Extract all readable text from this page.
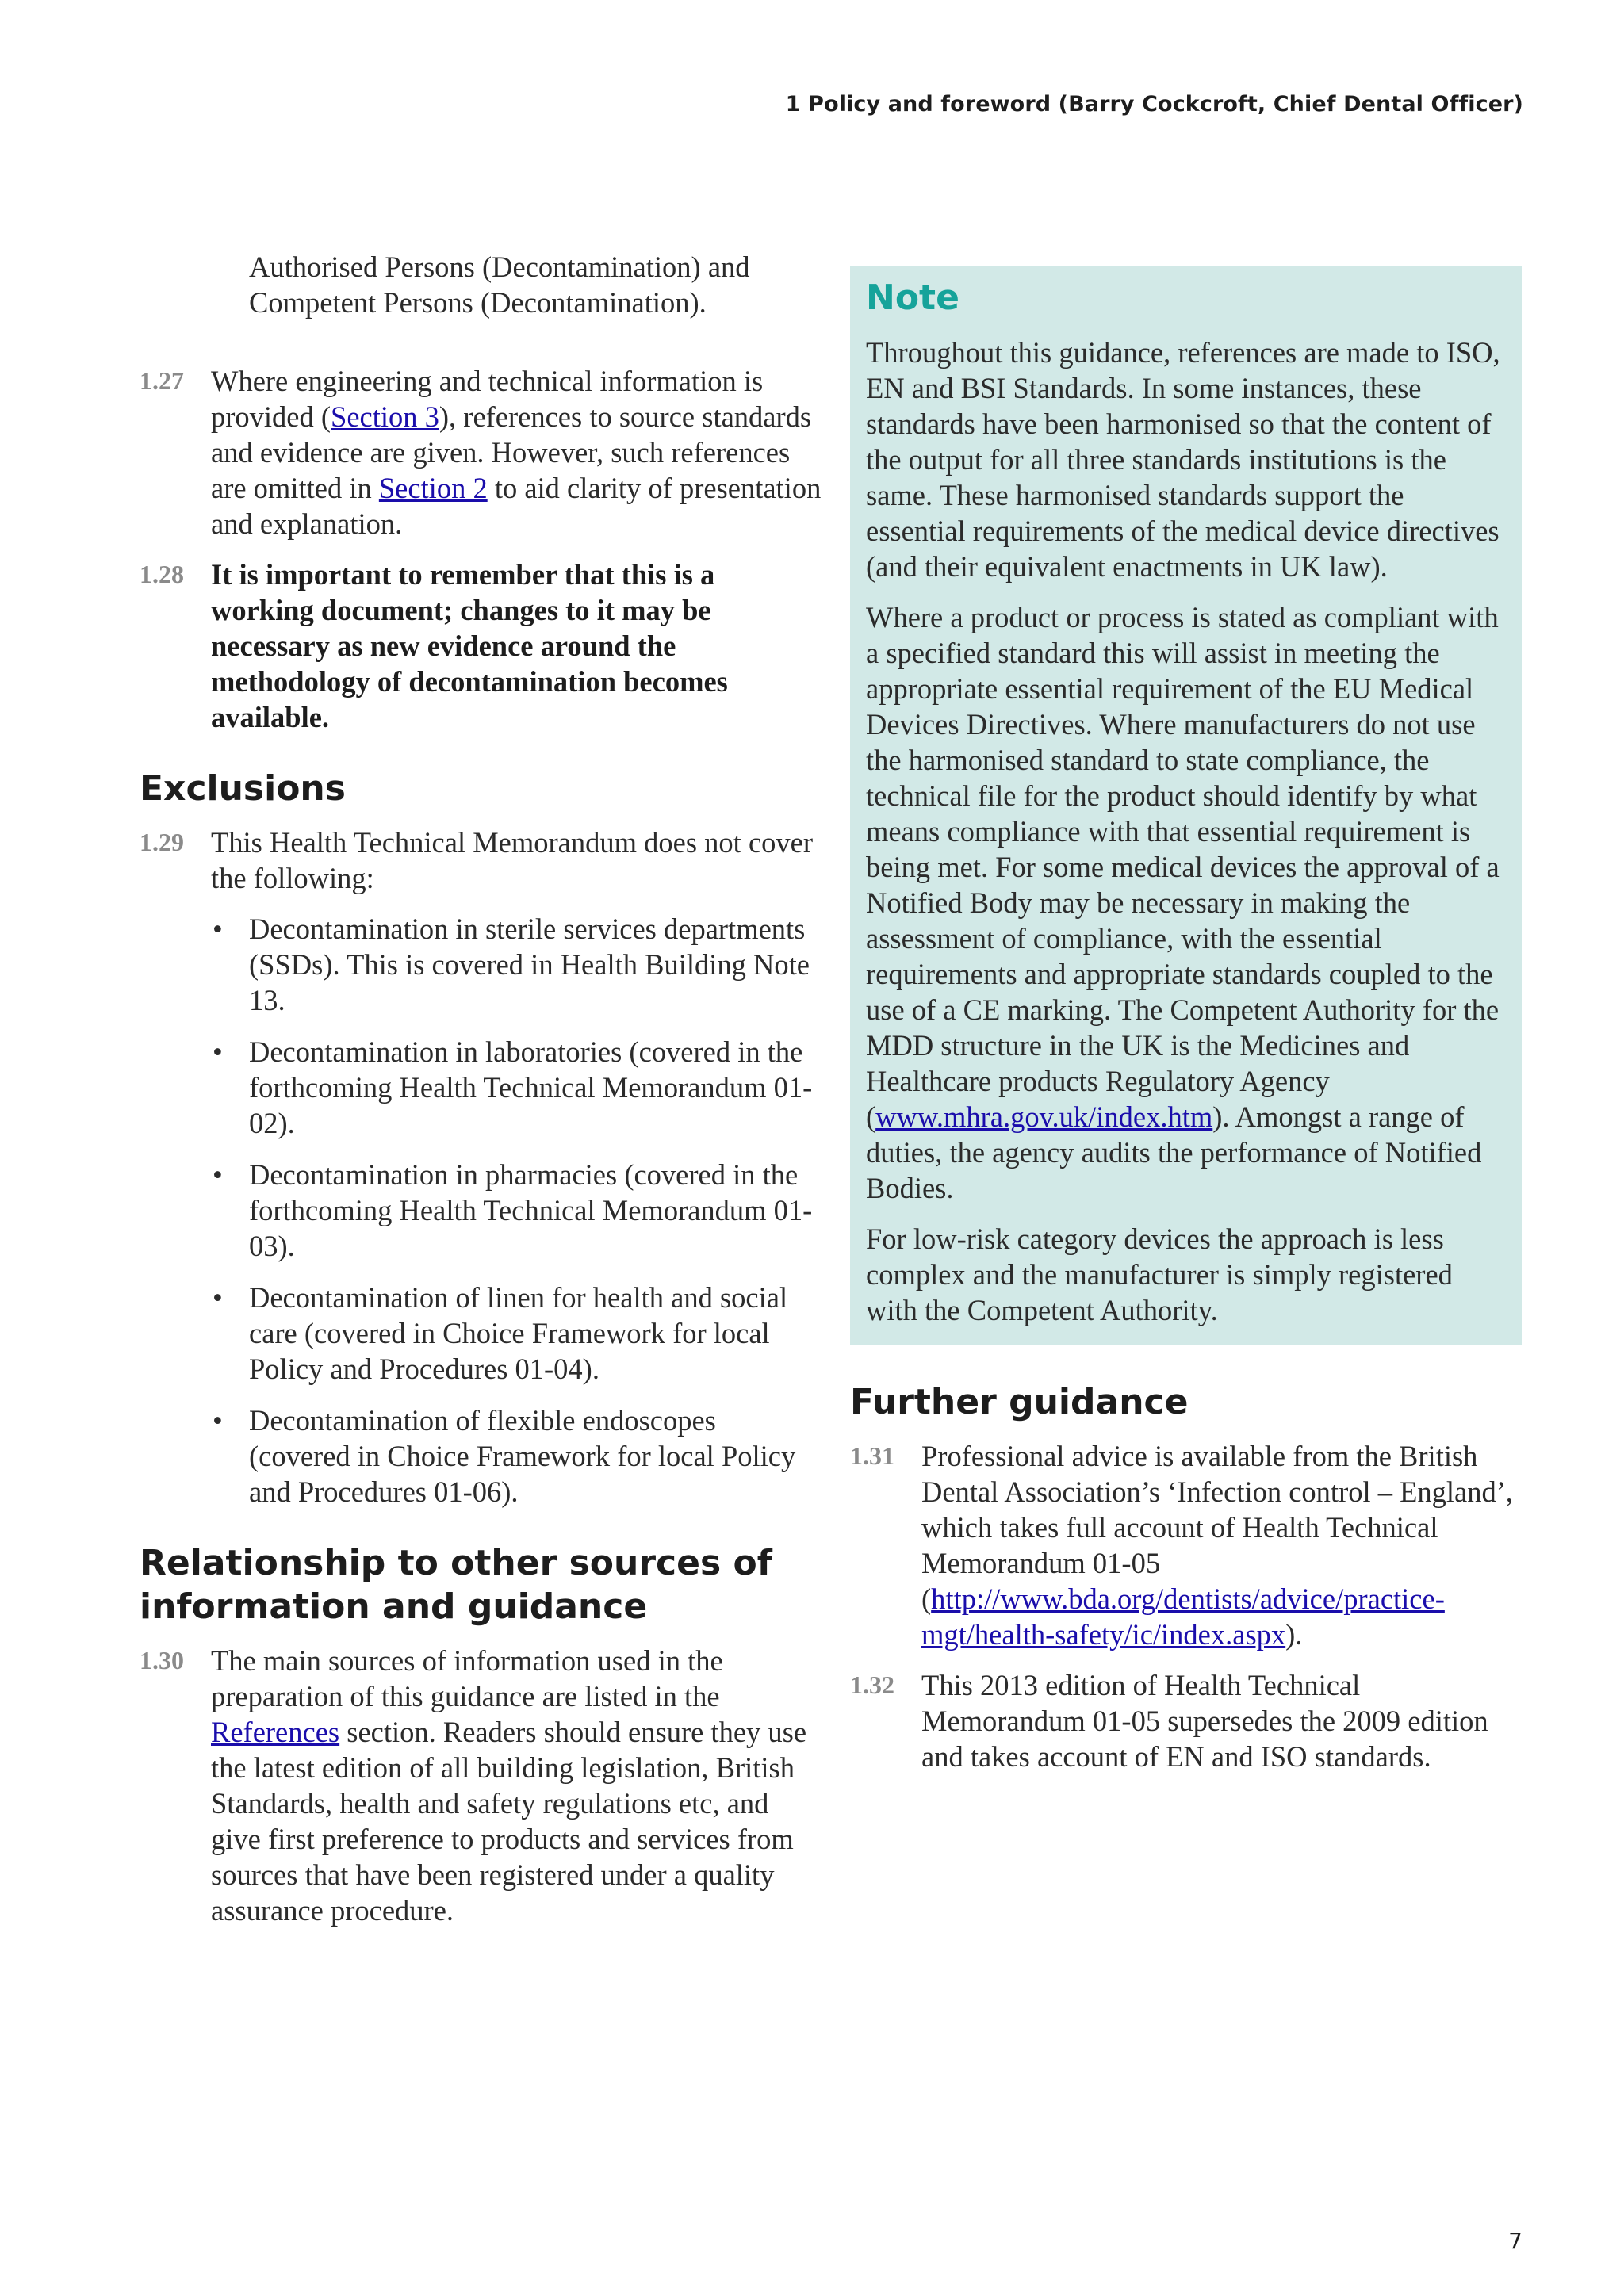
1 Policy and foreword (Barry Cockcroft, Chief Dental Officer)

Authorised Persons (Decontamination) and Competent Persons (Decontamination).

1.27 Where engineering and technical information is provided (Section 3), references to source standards and evidence are given. However, such references are omitted in Section 2 to aid clarity of presentation and explanation.
1.28 It is important to remember that this is a working document; changes to it may be necessary as new evidence around the methodology of decontamination becomes available.
Exclusions
1.29 This Health Technical Memorandum does not cover the following:
• Decontamination in sterile services departments (SSDs). This is covered in Health Building Note 13.
• Decontamination in laboratories (covered in the forthcoming Health Technical Memorandum 01-02).
• Decontamination in pharmacies (covered in the forthcoming Health Technical Memorandum 01-03).
• Decontamination of linen for health and social care (covered in Choice Framework for local Policy and Procedures 01-04).
• Decontamination of flexible endoscopes (covered in Choice Framework for local Policy and Procedures 01-06).
Relationship to other sources of
information and guidance
1.30 The main sources of information used in the preparation of this guidance are listed in the References section. Readers should ensure they use the latest edition of all building legislation, British Standards, health and safety regulations etc, and give first preference to products and services from sources that have been registered under a quality assurance procedure.
Note

Throughout this guidance, references are made to ISO, EN and BSI Standards. In some instances, these standards have been harmonised so that the content of the output for all three standards institutions is the same. These harmonised standards support the essential requirements of the medical device directives (and their equivalent enactments in UK law).

Where a product or process is stated as compliant with a specified standard this will assist in meeting the appropriate essential requirement of the EU Medical Devices Directives. Where manufacturers do not use the harmonised standard to state compliance, the technical file for the product should identify by what means compliance with that essential requirement is being met. For some medical devices the approval of a Notified Body may be necessary in making the assessment of compliance, with the essential requirements and appropriate standards coupled to the use of a CE marking. The Competent Authority for the MDD structure in the UK is the Medicines and Healthcare products Regulatory Agency (www.mhra.gov.uk/index.htm). Amongst a range of duties, the agency audits the performance of Notified Bodies.

For low-risk category devices the approach is less complex and the manufacturer is simply registered with the Competent Authority.

Further guidance
1.31 Professional advice is available from the British Dental Association’s ‘Infection control – England’, which takes full account of Health Technical Memorandum 01-05 (http://www.bda.org/dentists/advice/practice-mgt/health-safety/ic/index.aspx).
1.32 This 2013 edition of Health Technical Memorandum 01-05 supersedes the 2009 edition and takes account of EN and ISO standards.
7
